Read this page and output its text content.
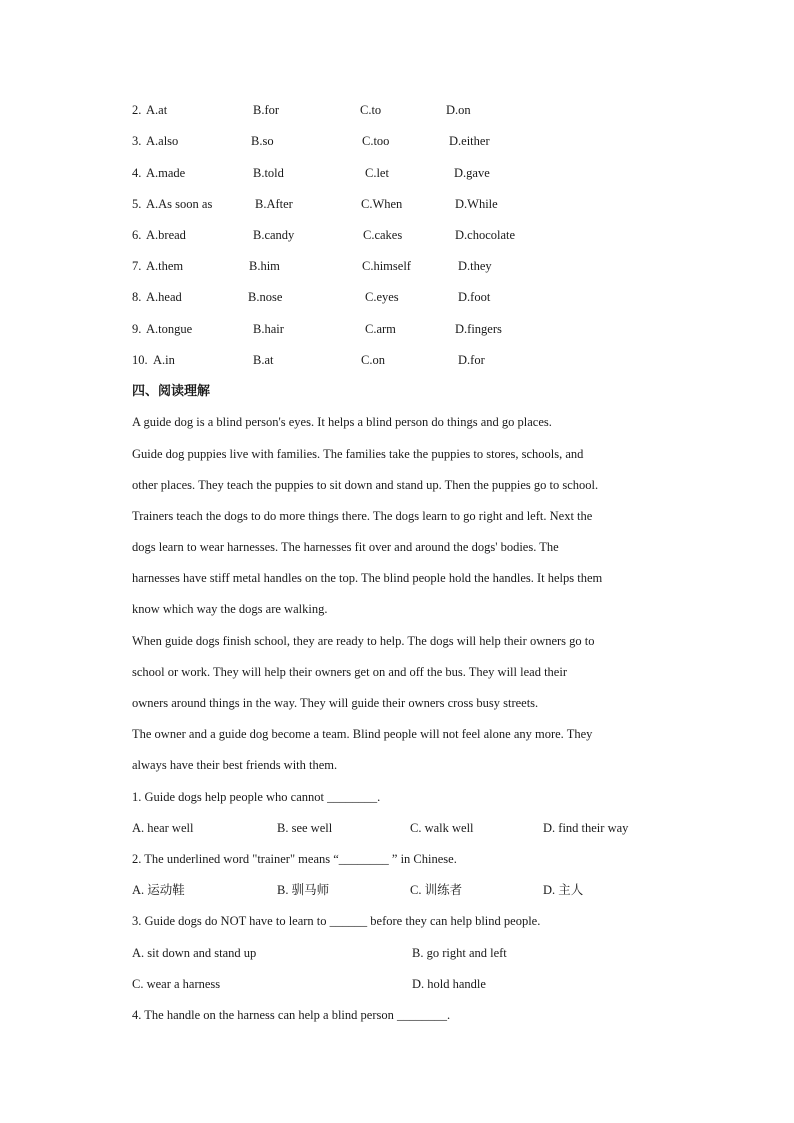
2. A.at	B.for	C.to	D.on
3. A.also	B.so	C.too	D.either
4. A.made	B.told	C.let	D.gave
5. A.As soon as	B.After	C.When	D.While
6. A.bread	B.candy	C.cakes	D.chocolate
7. A.them	B.him	C.himself	D.they
8. A.head	B.nose	C.eyes	D.foot
9. A.tongue	B.hair	C.arm	D.fingers
10. A.in	B.at	C.on	D.for
四、阅读理解
A guide dog is a blind person's eyes. It helps a blind person do things and go places.
Guide dog puppies live with families. The families take the puppies to stores, schools, and
other places. They teach the puppies to sit down and stand up. Then the puppies go to school.
Trainers teach the dogs to do more things there. The dogs learn to go right and left. Next the
dogs learn to wear harnesses. The harnesses fit over and around the dogs' bodies. The
harnesses have stiff metal handles on the top. The blind people hold the handles. It helps them
know which way the dogs are walking.
When guide dogs finish school, they are ready to help. The dogs will help their owners go to
school or work. They will help their owners get on and off the bus. They will lead their
owners around things in the way. They will guide their owners cross busy streets.
The owner and a guide dog become a team. Blind people will not feel alone any more. They
always have their best friends with them.
1. Guide dogs help people who cannot ________.
A. hear well	B. see well	C. walk well	D. find their way
2. The underlined word "trainer" means “________ ” in Chinese.
A. 运动鞋	B. 驯马师	C. 训练者	D. 主人
3. Guide dogs do NOT have to learn to ______ before they can help blind people.
A. sit down and stand up	B. go right and left
C. wear a harness	D. hold handle
4. The handle on the harness can help a blind person ________.
